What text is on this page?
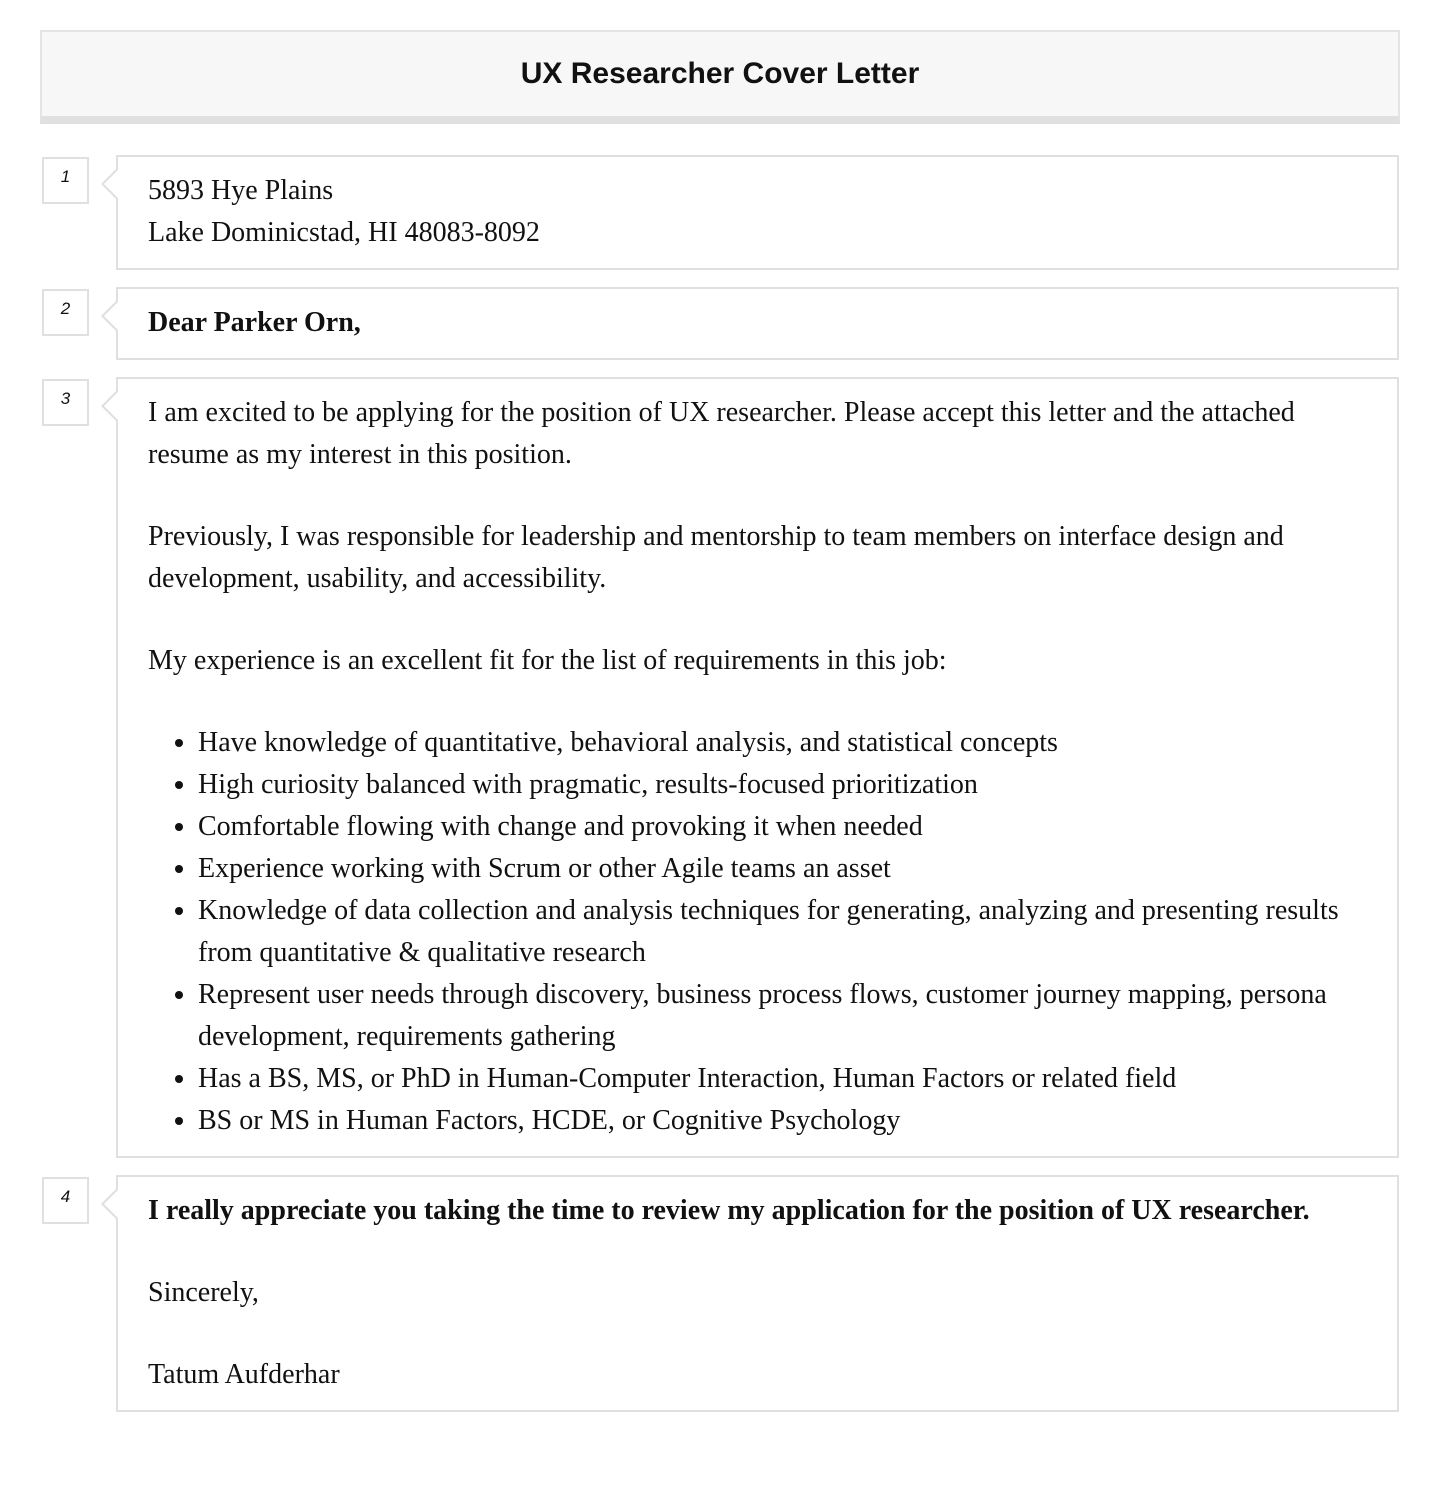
UX Researcher Cover Letter
1	5893 Hye Plains
Lake Dominicstad, HI 48083-8092
2	Dear Parker Orn,
3	I am excited to be applying for the position of UX researcher. Please accept this letter and the attached resume as my interest in this position.

Previously, I was responsible for leadership and mentorship to team members on interface design and development, usability, and accessibility.

My experience is an excellent fit for the list of requirements in this job:

• Have knowledge of quantitative, behavioral analysis, and statistical concepts
• High curiosity balanced with pragmatic, results-focused prioritization
• Comfortable flowing with change and provoking it when needed
• Experience working with Scrum or other Agile teams an asset
• Knowledge of data collection and analysis techniques for generating, analyzing and presenting results from quantitative & qualitative research
• Represent user needs through discovery, business process flows, customer journey mapping, persona development, requirements gathering
• Has a BS, MS, or PhD in Human-Computer Interaction, Human Factors or related field
• BS or MS in Human Factors, HCDE, or Cognitive Psychology
4	I really appreciate you taking the time to review my application for the position of UX researcher.

Sincerely,

Tatum Aufderhar
